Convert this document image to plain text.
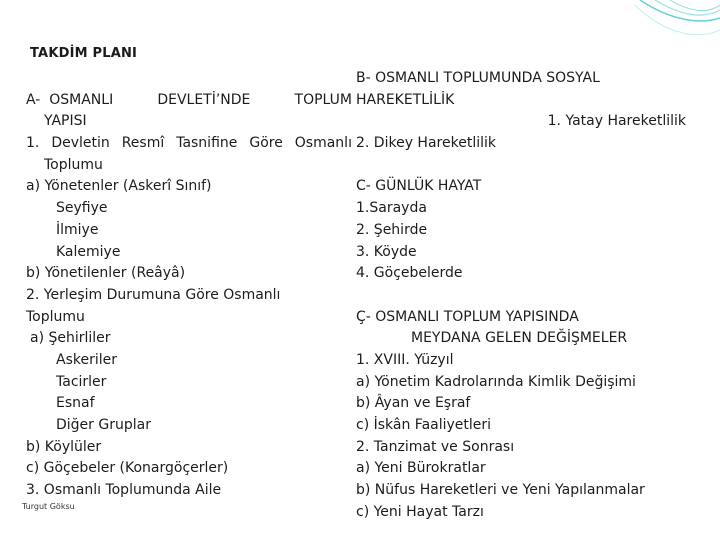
TAKDİM PLANI
A- OSMANLI	DEVLETİ’NDE	TOPLUM
YAPISI
1. Devletin Resmî Tasnifine Göre Osmanlı
Toplumu
a) Yönetenler (Askerî Sınıf)
Seyfiye
İlmiye
Kalemiye
b) Yönetilenler (Reâyâ)
2. Yerleşim Durumuna Göre Osmanlı
Toplumu
a) Şehirliler
Askeriler
Tacirler
Esnaf
Diğer Gruplar
b) Köylüler
c) Göçebeler (Konargöçerler)
3. Osmanlı Toplumunda Aile
B- OSMANLI TOPLUMUNDA SOSYAL
HAREKETLİLİK
1. Yatay Hareketlilik
2. Dikey Hareketlilik
C- GÜNLÜK HAYAT
1.Sarayda
2. Şehirde
3. Köyde
4. Göçebelerde
Ç- OSMANLI TOPLUM YAPISINDA
MEYDANA GELEN DEĞİŞMELER
1. XVIII. Yüzyıl
a) Yönetim Kadrolarında Kimlik Değişimi
b) Âyan ve Eşraf
c) İskân Faaliyetleri
2. Tanzimat ve Sonrası
a) Yeni Bürokratlar
b) Nüfus Hareketleri ve Yeni Yapılanmalar
c) Yeni Hayat Tarzı
Turgut Göksu
